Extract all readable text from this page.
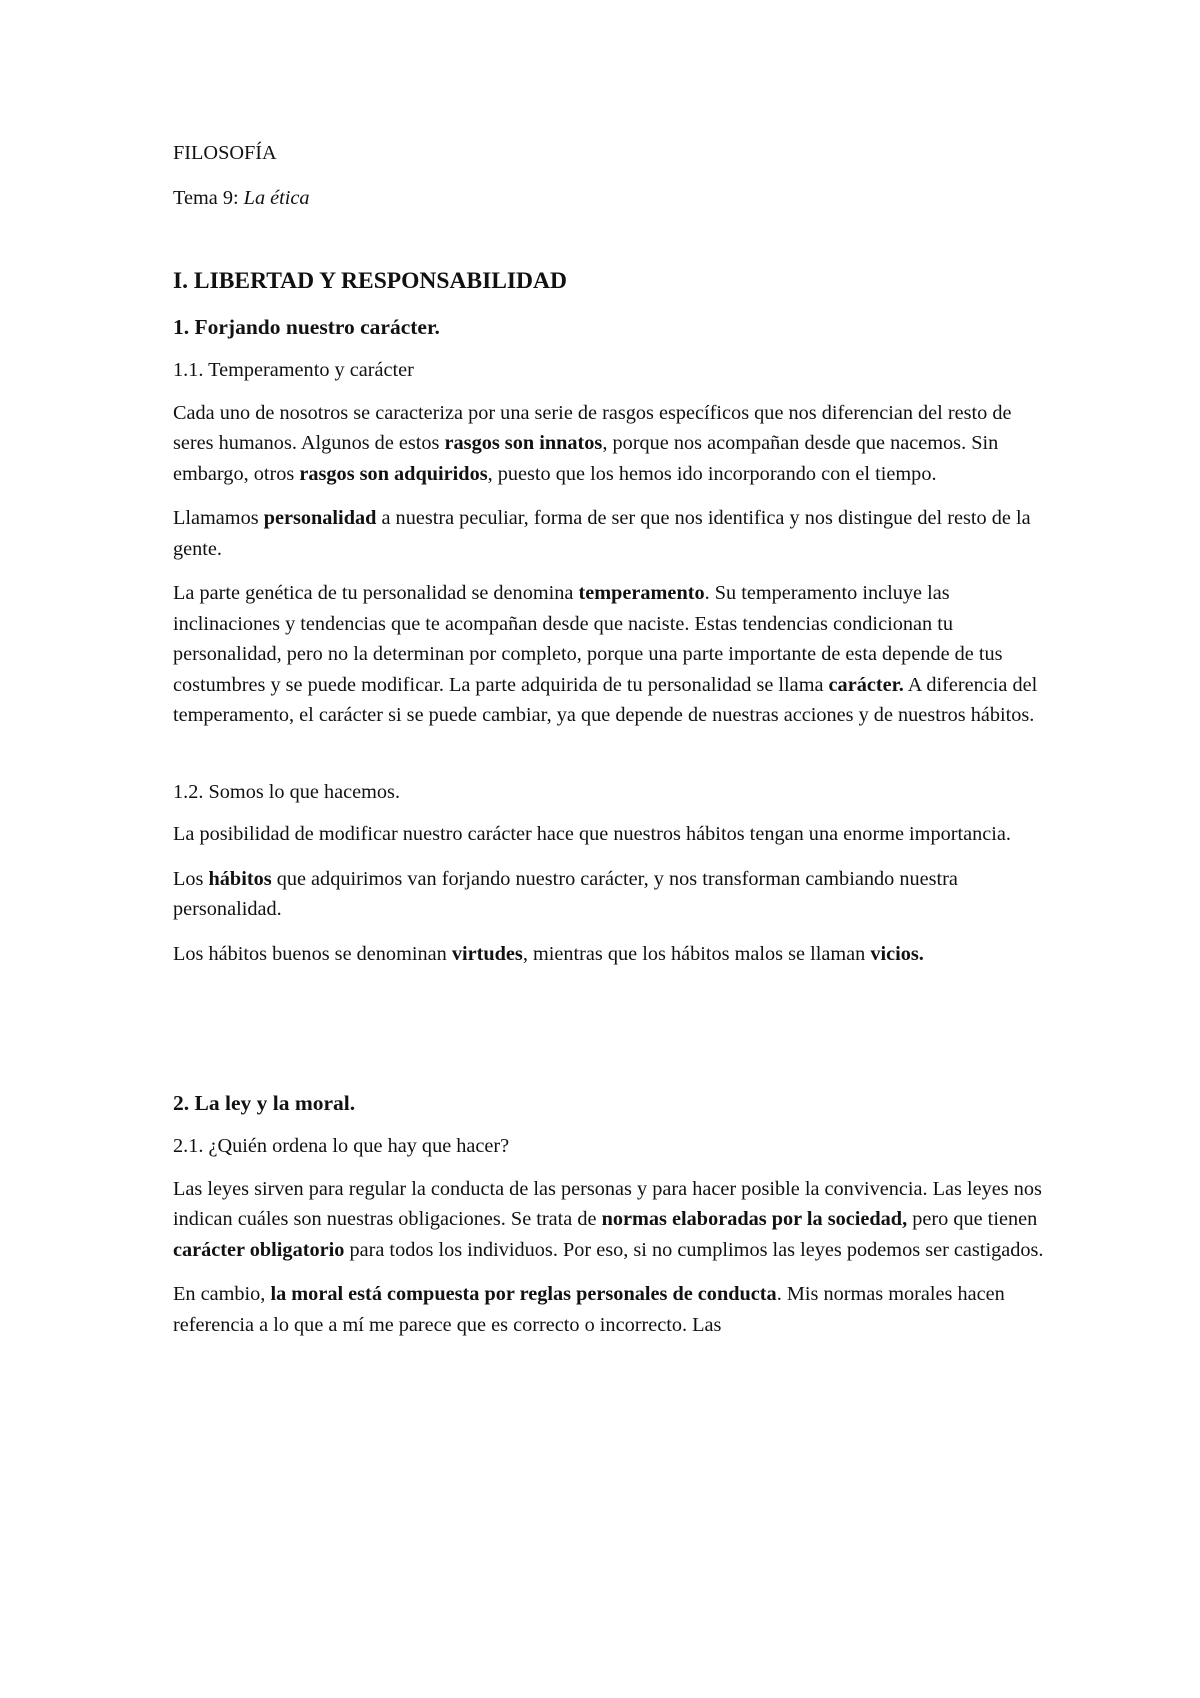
FILOSOFÍA
Tema 9: La ética
I. LIBERTAD Y RESPONSABILIDAD
1. Forjando nuestro carácter.
1.1. Temperamento y carácter

Cada uno de nosotros se caracteriza por una serie de rasgos específicos que nos diferencian del resto de seres humanos. Algunos de estos rasgos son innatos, porque nos acompañan desde que nacemos. Sin embargo, otros rasgos son adquiridos, puesto que los hemos ido incorporando con el tiempo.

Llamamos personalidad a nuestra peculiar, forma de ser que nos identifica y nos distingue del resto de la gente.

La parte genética de tu personalidad se denomina temperamento. Su temperamento incluye las inclinaciones y tendencias que te acompañan desde que naciste. Estas tendencias condicionan tu personalidad, pero no la determinan por completo, porque una parte importante de esta depende de tus costumbres y se puede modificar. La parte adquirida de tu personalidad se llama carácter. A diferencia del temperamento, el carácter si se puede cambiar, ya que depende de nuestras acciones y de nuestros hábitos.

1.2. Somos lo que hacemos.

La posibilidad de modificar nuestro carácter hace que nuestros hábitos tengan una enorme importancia.

Los hábitos que adquirimos van forjando nuestro carácter, y nos transforman cambiando nuestra personalidad.

Los hábitos buenos se denominan virtudes, mientras que los hábitos malos se llaman vicios.

2. La ley y la moral.
2.1. ¿Quién ordena lo que hay que hacer?

Las leyes sirven para regular la conducta de las personas y para hacer posible la convivencia. Las leyes nos indican cuáles son nuestras obligaciones. Se trata de normas elaboradas por la sociedad, pero que tienen carácter obligatorio para todos los individuos. Por eso, si no cumplimos las leyes podemos ser castigados.

En cambio, la moral está compuesta por reglas personales de conducta. Mis normas morales hacen referencia a lo que a mí me parece que es correcto o incorrecto. Las
